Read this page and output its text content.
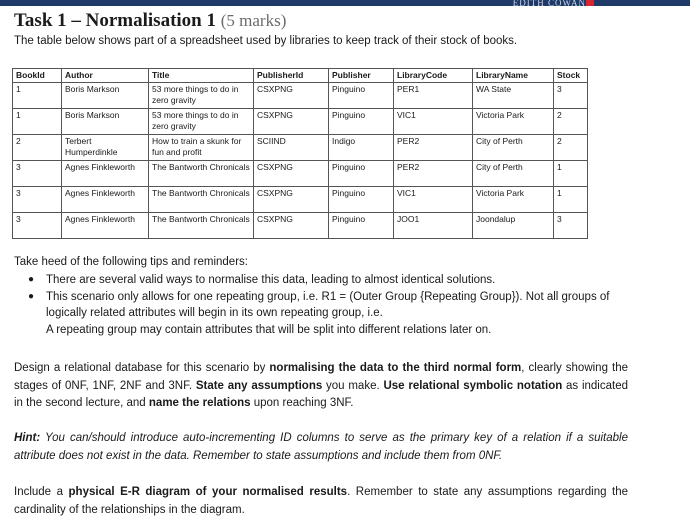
EDITH COWAN
Task 1 – Normalisation 1 (5 marks)
The table below shows part of a spreadsheet used by libraries to keep track of their stock of books.
BookId	Author	Title	PublisherId	Publisher	LibraryCode	LibraryName	Stock
1	Boris Markson	53 more things to do in zero gravity	CSXPNG	Pinguino	PER1	WA State	3
1	Boris Markson	53 more things to do in zero gravity	CSXPNG	Pinguino	VIC1	Victoria Park	2
2	Terbert Humperdinkle	How to train a skunk for fun and profit	SCIIND	Indigo	PER2	City of Perth	2
3	Agnes Finkleworth	The Bantworth Chronicals	CSXPNG	Pinguino	PER2	City of Perth	1
3	Agnes Finkleworth	The Bantworth Chronicals	CSXPNG	Pinguino	VIC1	Victoria Park	1
3	Agnes Finkleworth	The Bantworth Chronicals	CSXPNG	Pinguino	JOO1	Joondalup	3
Take heed of the following tips and reminders:
● There are several valid ways to normalise this data, leading to almost identical solutions.
● This scenario only allows for one repeating group, i.e. R1 = (Outer Group {Repeating Group}). Not all groups of logically related attributes will begin in its own repeating group, i.e.
A repeating group may contain attributes that will be split into different relations later on.

Design a relational database for this scenario by normalising the data to the third normal form, clearly showing the stages of 0NF, 1NF, 2NF and 3NF. State any assumptions you make. Use relational symbolic notation as indicated in the second lecture, and name the relations upon reaching 3NF.

Hint: You can/should introduce auto-incrementing ID columns to serve as the primary key of a relation if a suitable attribute does not exist in the data. Remember to state assumptions and include them from 0NF.

Include a physical E-R diagram of your normalised results. Remember to state any assumptions regarding the cardinality of the relationships in the diagram.
